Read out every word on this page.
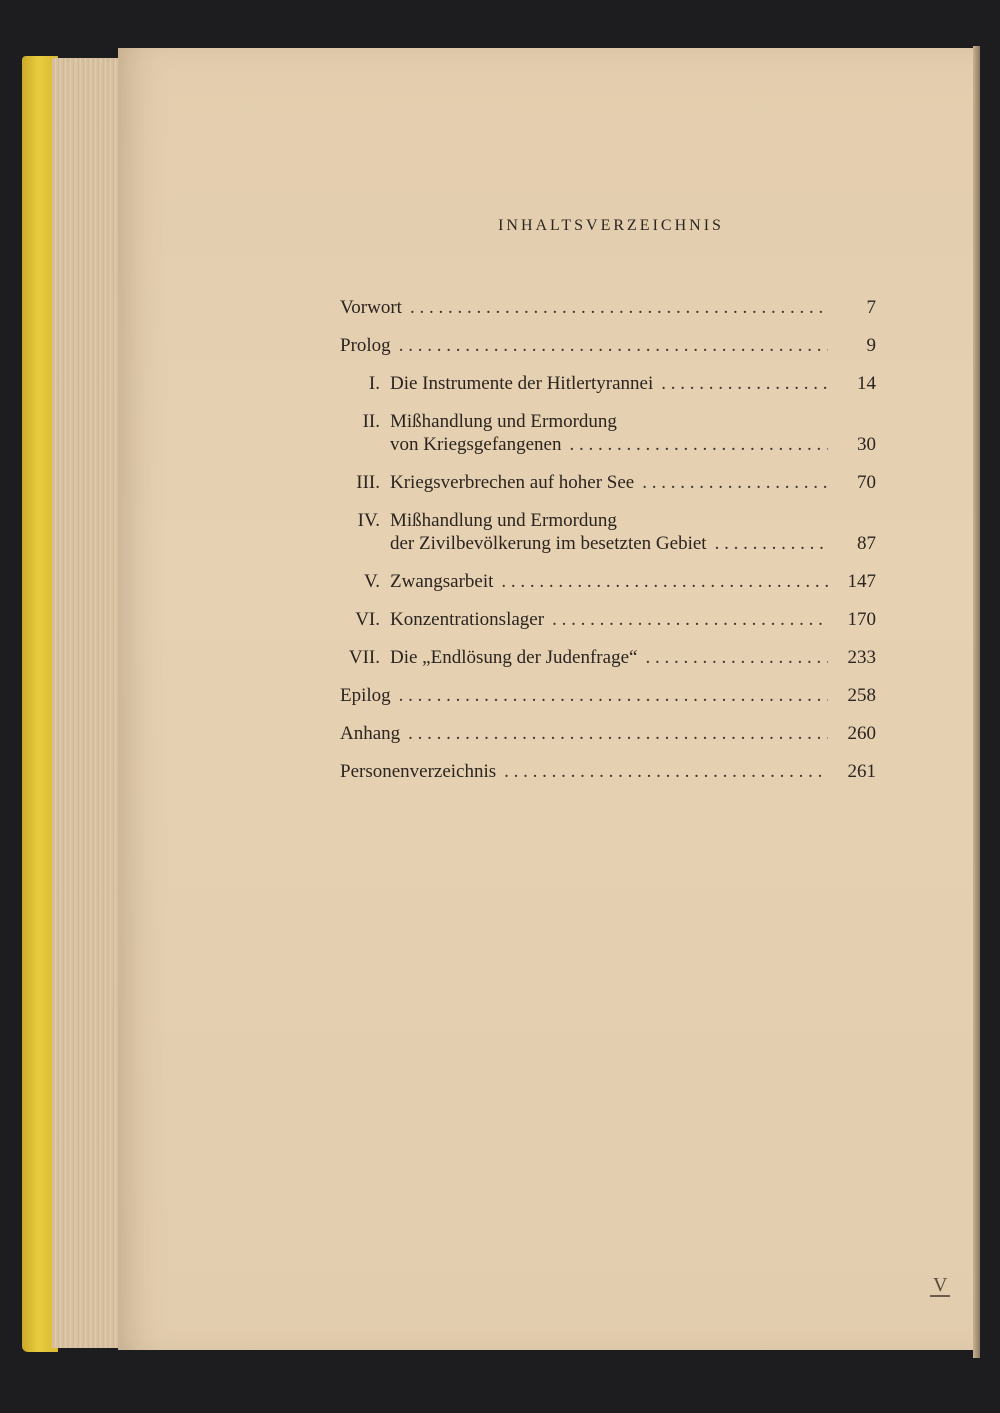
INHALTSVERZEICHNIS
Vorwort . . .	7
Prolog . . .	9
I. Die Instrumente der Hitlertyrannei . . .	14
II. Mißhandlung und Ermordung
von Kriegsgefangenen . . .	30
III. Kriegsverbrechen auf hoher See . . .	70
IV. Mißhandlung und Ermordung
der Zivilbevölkerung im besetzten Gebiet . . .	87
V. Zwangsarbeit . . .	147
VI. Konzentrationslager . . .	170
VII. Die „Endlösung der Judenfrage“ . . .	233
Epilog . . .	258
Anhang . . .	260
Personenverzeichnis . . .	261
V
